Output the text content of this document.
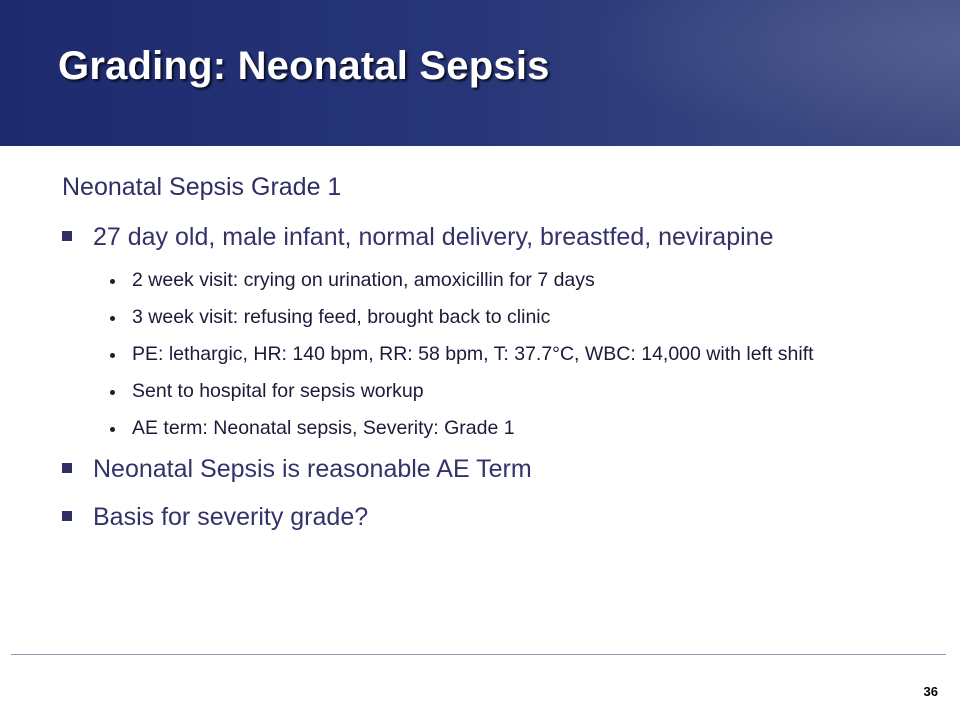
Grading: Neonatal Sepsis
Neonatal Sepsis Grade 1
27 day old, male infant, normal delivery, breastfed, nevirapine
2 week visit: crying on urination, amoxicillin for 7 days
3 week visit: refusing feed, brought back to clinic
PE: lethargic, HR: 140 bpm, RR: 58 bpm, T: 37.7°C, WBC: 14,000 with left shift
Sent to hospital for sepsis workup
AE term: Neonatal sepsis, Severity: Grade 1
Neonatal Sepsis is reasonable AE Term
Basis for severity grade?
36
